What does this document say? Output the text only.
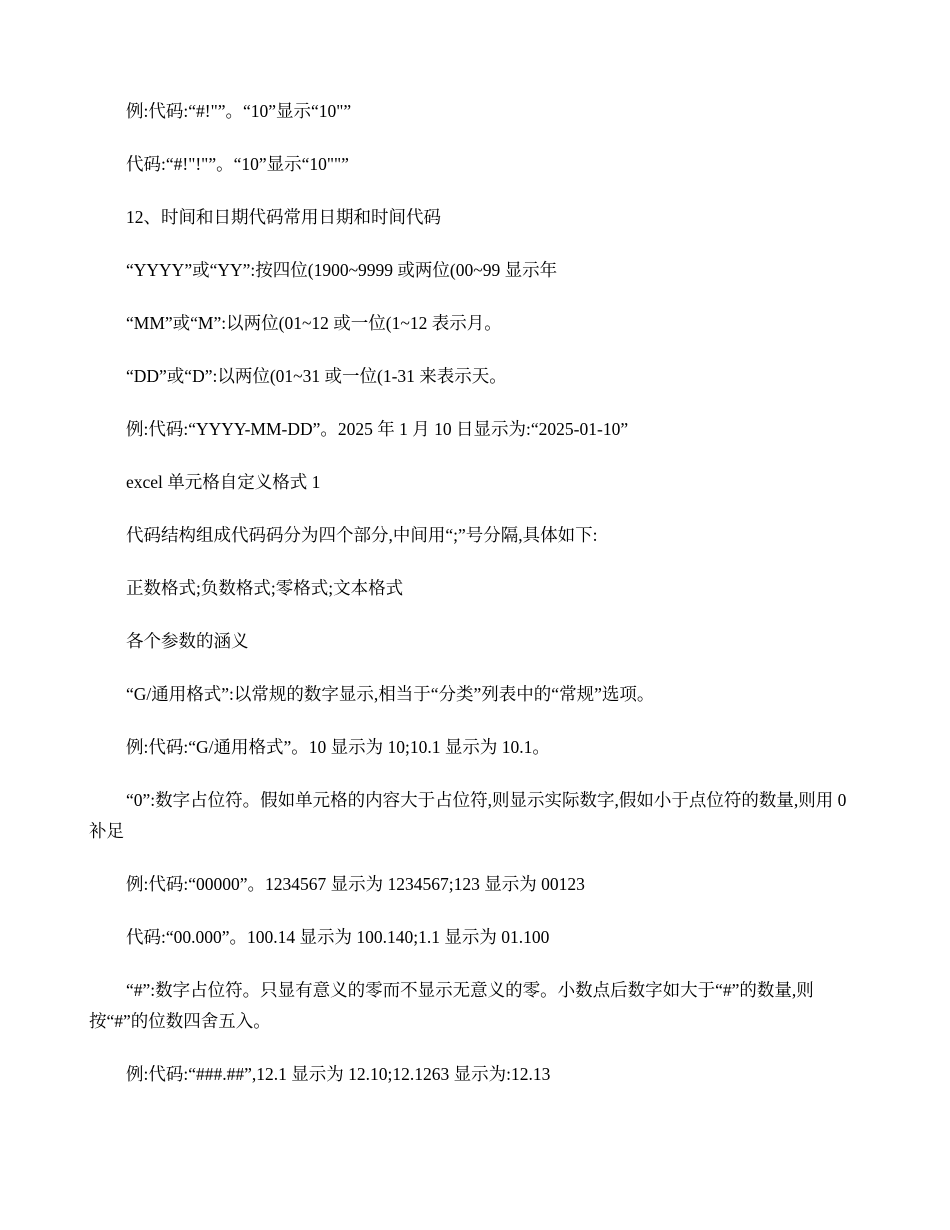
例:代码:“#!"”。“10”显示“10"”

代码:“#!"!"”。“10”显示“10""”

12、时间和日期代码常用日期和时间代码

“YYYY”或“YY”:按四位(1900~9999 或两位(00~99 显示年

“MM”或“M”:以两位(01~12 或一位(1~12 表示月。

“DD”或“D”:以两位(01~31 或一位(1-31 来表示天。

例:代码:“YYYY-MM-DD”。2025 年 1 月 10 日显示为:“2025-01-10”

excel 单元格自定义格式 1

代码结构组成代码码分为四个部分,中间用“;”号分隔,具体如下:

正数格式;负数格式;零格式;文本格式

各个参数的涵义

“G/通用格式”:以常规的数字显示,相当于“分类”列表中的“常规”选项。

例:代码:“G/通用格式”。10 显示为 10;10.1 显示为 10.1。

“0”:数字占位符。假如单元格的内容大于占位符,则显示实际数字,假如小于点位符的数量,则用 0 补足

例:代码:“00000”。1234567 显示为 1234567;123 显示为 00123

代码:“00.000”。100.14 显示为 100.140;1.1 显示为 01.100

“#”:数字占位符。只显有意义的零而不显示无意义的零。小数点后数字如大于“#”的数量,则按“#”的位数四舍五入。

例:代码:“###.##”,12.1 显示为 12.10;12.1263 显示为:12.13
